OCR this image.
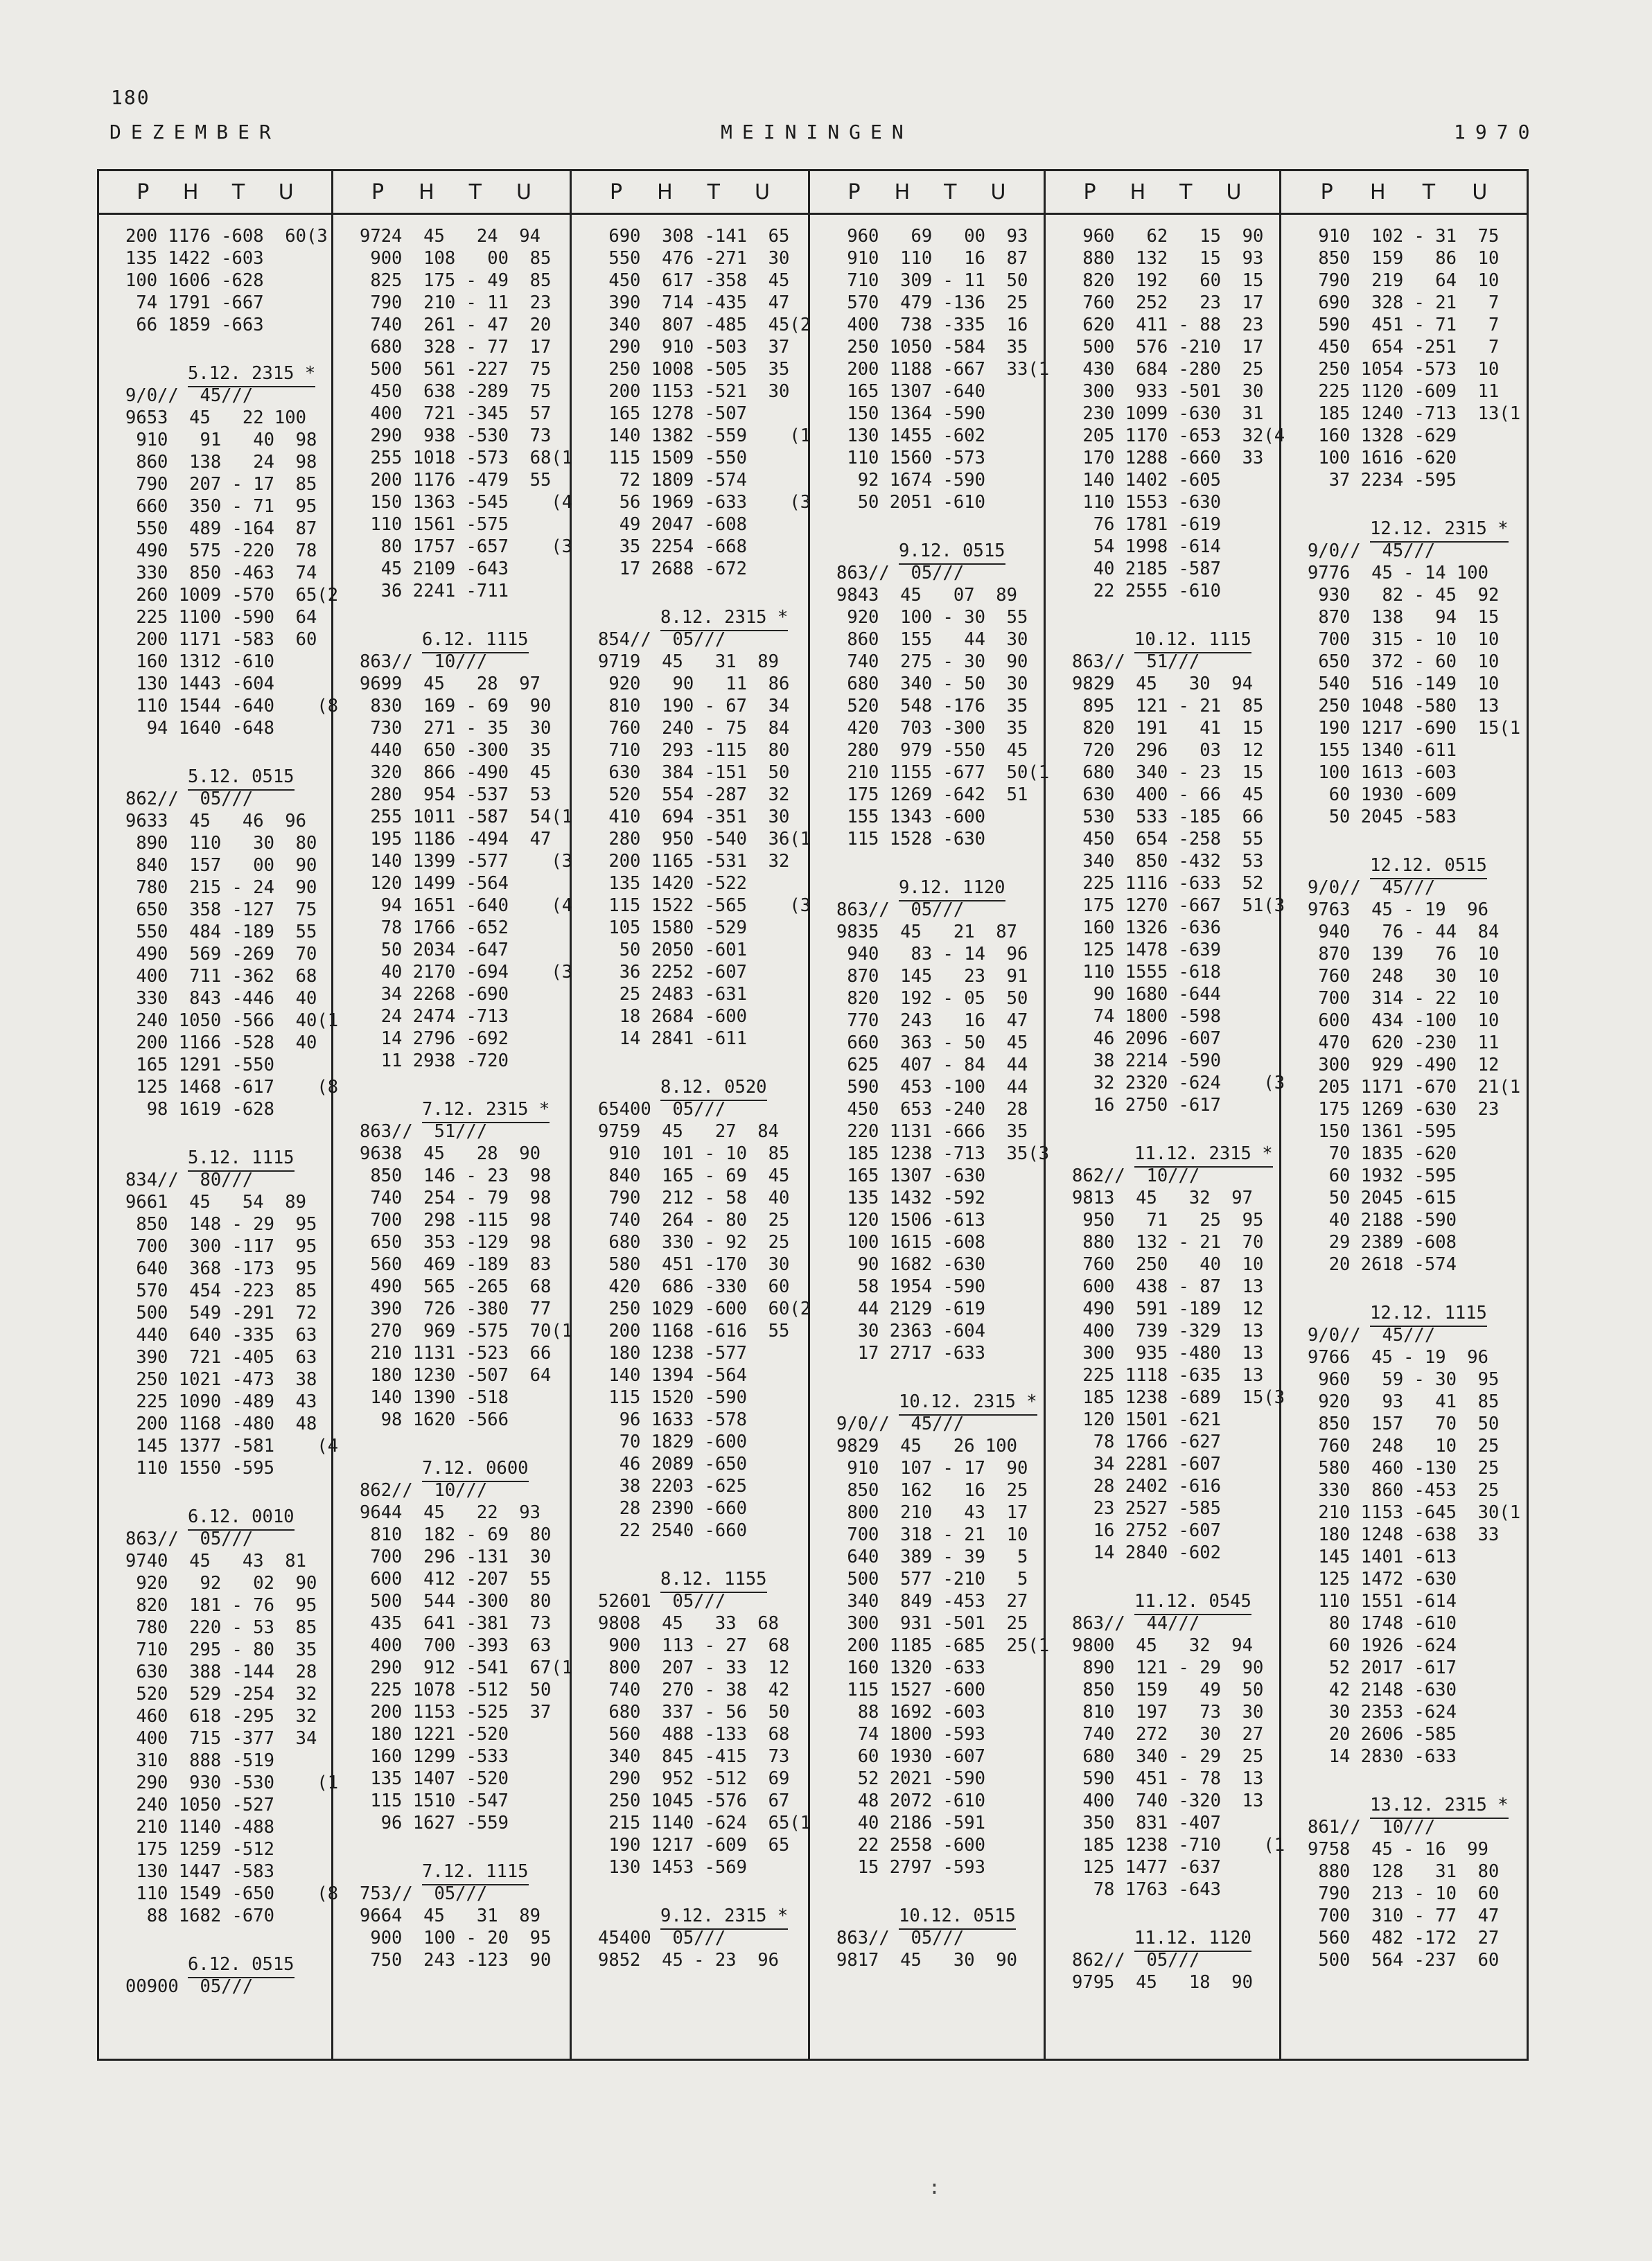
180
DEZEMBER	MEININGEN	1970
P H T U
200 1176 -608  60(3
135 1422 -603
100 1606 -628
74 1791 -667
66 1859 -663
5.12. 2315 *
9/0//  45///
9653  45   22 100
910   91   40  98
860  138   24  98
790  207 - 17  85
660  350 - 71  95
550  489 -164  87
490  575 -220  78
330  850 -463  74
260 1009 -570  65(2
225 1100 -590  64
200 1171 -583  60
160 1312 -610
130 1443 -604
110 1544 -640    (8
94 1640 -648
5.12. 0515
862//  05///
9633  45   46  96
890  110   30  80
840  157   00  90
780  215 - 24  90
650  358 -127  75
550  484 -189  55
490  569 -269  70
400  711 -362  68
330  843 -446  40
240 1050 -566  40(1
200 1166 -528  40
165 1291 -550
125 1468 -617    (8
98 1619 -628
5.12. 1115
834//  80///
9661  45   54  89
850  148 - 29  95
700  300 -117  95
640  368 -173  95
570  454 -223  85
500  549 -291  72
440  640 -335  63
390  721 -405  63
250 1021 -473  38
225 1090 -489  43
200 1168 -480  48
145 1377 -581    (4
110 1550 -595
6.12. 0010
863//  05///
9740  45   43  81
920   92   02  90
820  181 - 76  95
780  220 - 53  85
710  295 - 80  35
630  388 -144  28
520  529 -254  32
460  618 -295  32
400  715 -377  34
310  888 -519
290  930 -530    (1
240 1050 -527
210 1140 -488
175 1259 -512
130 1447 -583
110 1549 -650    (8
88 1682 -670
6.12. 0515
00900  05///
P H T U
9724  45   24  94
900  108   00  85
825  175 - 49  85
790  210 - 11  23
740  261 - 47  20
680  328 - 77  17
500  561 -227  75
450  638 -289  75
400  721 -345  57
290  938 -530  73
255 1018 -573  68(1
200 1176 -479  55
150 1363 -545    (4
110 1561 -575
80 1757 -657    (3
45 2109 -643
36 2241 -711
6.12. 1115
863//  10///
9699  45   28  97
830  169 - 69  90
730  271 - 35  30
440  650 -300  35
320  866 -490  45
280  954 -537  53
255 1011 -587  54(1
195 1186 -494  47
140 1399 -577    (3
120 1499 -564
94 1651 -640    (4
78 1766 -652
50 2034 -647
40 2170 -694    (3
34 2268 -690
24 2474 -713
14 2796 -692
11 2938 -720
7.12. 2315 *
863//  51///
9638  45   28  90
850  146 - 23  98
740  254 - 79  98
700  298 -115  98
650  353 -129  98
560  469 -189  83
490  565 -265  68
390  726 -380  77
270  969 -575  70(1
210 1131 -523  66
180 1230 -507  64
140 1390 -518
98 1620 -566
7.12. 0600
862//  10///
9644  45   22  93
810  182 - 69  80
700  296 -131  30
600  412 -207  55
500  544 -300  80
435  641 -381  73
400  700 -393  63
290  912 -541  67(1
225 1078 -512  50
200 1153 -525  37
180 1221 -520
160 1299 -533
135 1407 -520
115 1510 -547
96 1627 -559
7.12. 1115
753//  05///
9664  45   31  89
900  100 - 20  95
750  243 -123  90
P H T U
690  308 -141  65
550  476 -271  30
450  617 -358  45
390  714 -435  47
340  807 -485  45(2
290  910 -503  37
250 1008 -505  35
200 1153 -521  30
165 1278 -507
140 1382 -559    (1
115 1509 -550
72 1809 -574
56 1969 -633    (3
49 2047 -608
35 2254 -668
17 2688 -672
8.12. 2315 *
854//  05///
9719  45   31  89
920   90   11  86
810  190 - 67  34
760  240 - 75  84
710  293 -115  80
630  384 -151  50
520  554 -287  32
410  694 -351  30
280  950 -540  36(1
200 1165 -531  32
135 1420 -522
115 1522 -565    (3
105 1580 -529
50 2050 -601
36 2252 -607
25 2483 -631
18 2684 -600
14 2841 -611
8.12. 0520
65400  05///
9759  45   27  84
910  101 - 10  85
840  165 - 69  45
790  212 - 58  40
740  264 - 80  25
680  330 - 92  25
580  451 -170  30
420  686 -330  60
250 1029 -600  60(2
200 1168 -616  55
180 1238 -577
140 1394 -564
115 1520 -590
96 1633 -578
70 1829 -600
46 2089 -650
38 2203 -625
28 2390 -660
22 2540 -660
8.12. 1155
52601  05///
9808  45   33  68
900  113 - 27  68
800  207 - 33  12
740  270 - 38  42
680  337 - 56  50
560  488 -133  68
340  845 -415  73
290  952 -512  69
250 1045 -576  67
215 1140 -624  65(1
190 1217 -609  65
130 1453 -569
9.12. 2315 *
45400  05///
9852  45 - 23  96
P H T U
960   69   00  93
910  110   16  87
710  309 - 11  50
570  479 -136  25
400  738 -335  16
250 1050 -584  35
200 1188 -667  33(1
165 1307 -640
150 1364 -590
130 1455 -602
110 1560 -573
92 1674 -590
50 2051 -610
9.12. 0515
863//  05///
9843  45   07  89
920  100 - 30  55
860  155   44  30
740  275 - 30  90
680  340 - 50  30
520  548 -176  35
420  703 -300  35
280  979 -550  45
210 1155 -677  50(1
175 1269 -642  51
155 1343 -600
115 1528 -630
9.12. 1120
863//  05///
9835  45   21  87
940   83 - 14  96
870  145   23  91
820  192 - 05  50
770  243   16  47
660  363 - 50  45
625  407 - 84  44
590  453 -100  44
450  653 -240  28
220 1131 -666  35
185 1238 -713  35(3
165 1307 -630
135 1432 -592
120 1506 -613
100 1615 -608
90 1682 -630
58 1954 -590
44 2129 -619
30 2363 -604
17 2717 -633
10.12. 2315 *
9/0//  45///
9829  45   26 100
910  107 - 17  90
850  162   16  25
800  210   43  17
700  318 - 21  10
640  389 - 39   5
500  577 -210   5
340  849 -453  27
300  931 -501  25
200 1185 -685  25(1
160 1320 -633
115 1527 -600
88 1692 -603
74 1800 -593
60 1930 -607
52 2021 -590
48 2072 -610
40 2186 -591
22 2558 -600
15 2797 -593
10.12. 0515
863//  05///
9817  45   30  90
P H T U
960   62   15  90
880  132   15  93
820  192   60  15
760  252   23  17
620  411 - 88  23
500  576 -210  17
430  684 -280  25
300  933 -501  30
230 1099 -630  31
205 1170 -653  32(4
170 1288 -660  33
140 1402 -605
110 1553 -630
76 1781 -619
54 1998 -614
40 2185 -587
22 2555 -610
10.12. 1115
863//  51///
9829  45   30  94
895  121 - 21  85
820  191   41  15
720  296   03  12
680  340 - 23  15
630  400 - 66  45
530  533 -185  66
450  654 -258  55
340  850 -432  53
225 1116 -633  52
175 1270 -667  51(3
160 1326 -636
125 1478 -639
110 1555 -618
90 1680 -644
74 1800 -598
46 2096 -607
38 2214 -590
32 2320 -624    (3
16 2750 -617
11.12. 2315 *
862//  10///
9813  45   32  97
950   71   25  95
880  132 - 21  70
760  250   40  10
600  438 - 87  13
490  591 -189  12
400  739 -329  13
300  935 -480  13
225 1118 -635  13
185 1238 -689  15(3
120 1501 -621
78 1766 -627
34 2281 -607
28 2402 -616
23 2527 -585
16 2752 -607
14 2840 -602
11.12. 0545
863//  44///
9800  45   32  94
890  121 - 29  90
850  159   49  50
810  197   73  30
740  272   30  27
680  340 - 29  25
590  451 - 78  13
400  740 -320  13
350  831 -407
185 1238 -710    (1
125 1477 -637
78 1763 -643
11.12. 1120
862//  05///
9795  45   18  90
P H T U
910  102 - 31  75
850  159   86  10
790  219   64  10
690  328 - 21   7
590  451 - 71   7
450  654 -251   7
250 1054 -573  10
225 1120 -609  11
185 1240 -713  13(1
160 1328 -629
100 1616 -620
37 2234 -595
12.12. 2315 *
9/0//  45///
9776  45 - 14 100
930   82 - 45  92
870  138   94  15
700  315 - 10  10
650  372 - 60  10
540  516 -149  10
250 1048 -580  13
190 1217 -690  15(1
155 1340 -611
100 1613 -603
60 1930 -609
50 2045 -583
12.12. 0515
9/0//  45///
9763  45 - 19  96
940   76 - 44  84
870  139   76  10
760  248   30  10
700  314 - 22  10
600  434 -100  10
470  620 -230  11
300  929 -490  12
205 1171 -670  21(1
175 1269 -630  23
150 1361 -595
70 1835 -620
60 1932 -595
50 2045 -615
40 2188 -590
29 2389 -608
20 2618 -574
12.12. 1115
9/0//  45///
9766  45 - 19  96
960   59 - 30  95
920   93   41  85
850  157   70  50
760  248   10  25
580  460 -130  25
330  860 -453  25
210 1153 -645  30(1
180 1248 -638  33
145 1401 -613
125 1472 -630
110 1551 -614
80 1748 -610
60 1926 -624
52 2017 -617
42 2148 -630
30 2353 -624
20 2606 -585
14 2830 -633
13.12. 2315 *
861//  10///
9758  45 - 16  99
880  128   31  80
790  213 - 10  60
700  310 - 77  47
560  482 -172  27
500  564 -237  60
:
